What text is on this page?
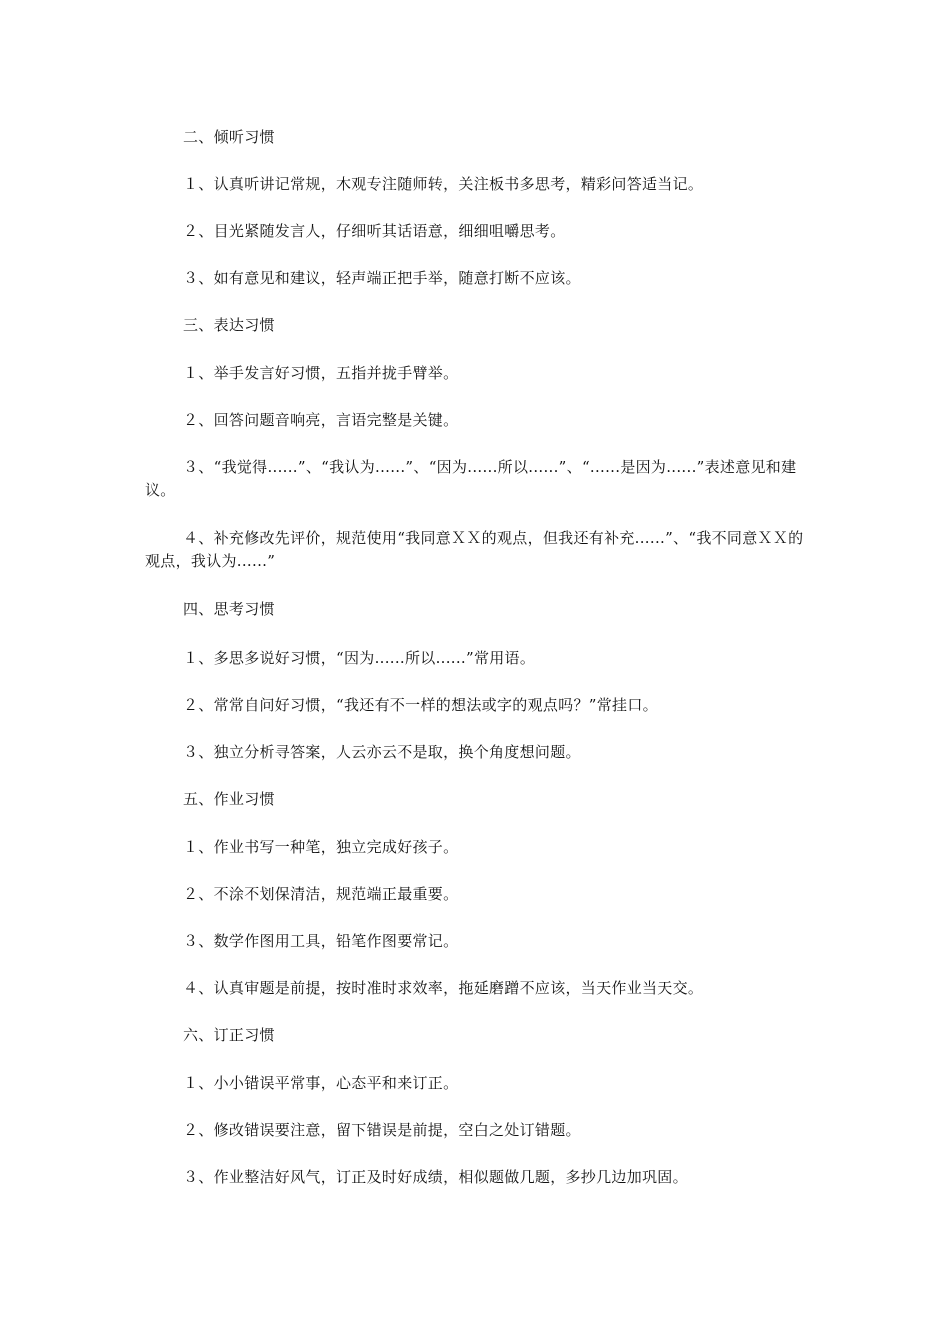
二、倾听习惯
１、认真听讲记常规，木观专注随师转，关注板书多思考，精彩问答适当记。
２、目光紧随发言人，仔细听其话语意，细细咀嚼思考。
３、如有意见和建议，轻声端正把手举，随意打断不应该。
三、表达习惯
１、举手发言好习惯，五指并拢手臂举。
２、回答问题音响亮，言语完整是关键。
３、“我觉得......”、“我认为......”、“因为......所以......”、“......是因为......”表述意见和建议。
４、补充修改先评价，规范使用“我同意ＸＸ的观点，但我还有补充......”、“我不同意ＸＸ的观点，我认为......”
四、思考习惯
１、多思多说好习惯，“因为......所以......”常用语。
２、常常自问好习惯，“我还有不一样的想法或字的观点吗？”常挂口。
３、独立分析寻答案，人云亦云不是取，换个角度想问题。
五、作业习惯
１、作业书写一种笔，独立完成好孩子。
２、不涂不划保清洁，规范端正最重要。
３、数学作图用工具，铅笔作图要常记。
４、认真审题是前提，按时准时求效率，拖延磨蹭不应该，当天作业当天交。
六、订正习惯
１、小小错误平常事，心态平和来订正。
２、修改错误要注意，留下错误是前提，空白之处订错题。
３、作业整洁好风气，订正及时好成绩，相似题做几题，多抄几边加巩固。
